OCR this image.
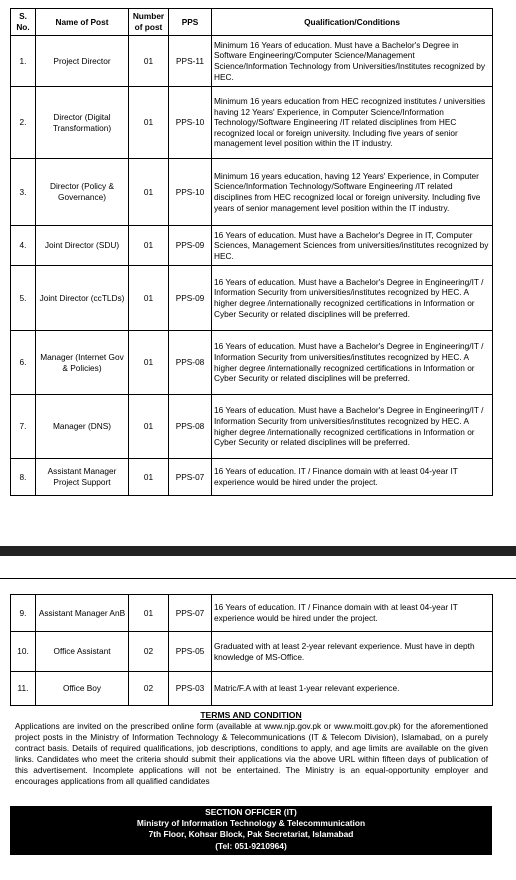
S. No.	Name of Post	Number of post	PPS	Qualification/Conditions
1.	Project Director	01	PPS-11	Minimum 16 Years of education. Must have a Bachelor's Degree in Software Engineering/Computer Science/Management Science/Information Technology from Universities/Institutes recognized by HEC.
2.	Director (Digital Transformation)	01	PPS-10	Minimum 16 years education from HEC recognized institutes / universities having 12 Years' Experience, in Computer Science/Information Technology/Software Engineering /IT related disciplines from HEC recognized local or foreign university. Including five years of senior management level position within the IT industry.
3.	Director (Policy & Governance)	01	PPS-10	Minimum 16 years education, having 12 Years' Experience, in Computer Science/Information Technology/Software Engineering /IT related disciplines from HEC recognized local or foreign university. Including five years of senior management level position within the IT industry.
4.	Joint Director (SDU)	01	PPS-09	16 Years of education. Must have a Bachelor's Degree in IT, Computer Sciences, Management Sciences from universities/institutes recognized by HEC.
5.	Joint Director (ccTLDs)	01	PPS-09	16 Years of education. Must have a Bachelor's Degree in Engineering/IT / Information Security from universities/institutes recognized by HEC. A higher degree /internationally recognized certifications in Information or Cyber Security or related disciplines will be preferred.
6.	Manager (Internet Gov & Policies)	01	PPS-08	16 Years of education. Must have a Bachelor's Degree in Engineering/IT / Information Security from universities/institutes recognized by HEC. A higher degree /internationally recognized certifications in Information or Cyber Security or related disciplines will be preferred.
7.	Manager (DNS)	01	PPS-08	16 Years of education. Must have a Bachelor's Degree in Engineering/IT / Information Security from universities/institutes recognized by HEC. A higher degree /internationally recognized certifications in Information or Cyber Security or related disciplines will be preferred.
8.	Assistant Manager Project Support	01	PPS-07	16 Years of education. IT / Finance domain with at least 04-year IT experience would be hired under the project.
9.	Assistant Manager AnB	01	PPS-07	16 Years of education. IT / Finance domain with at least 04-year IT experience would be hired under the project.
10.	Office Assistant	02	PPS-05	Graduated with at least 2-year relevant experience. Must have in depth knowledge of MS-Office.
11.	Office Boy	02	PPS-03	Matric/F.A with at least 1-year relevant experience.
TERMS AND CONDITION

Applications are invited on the prescribed online form (available at www.njp.gov.pk or www.moitt.gov.pk) for the aforementioned project posts in the Ministry of Information Technology & Telecommunications (IT & Telecom Division), Islamabad, on a purely contract basis. Details of required qualifications, job descriptions, conditions to apply, and age limits are available on the given links. Candidates who meet the criteria should submit their applications via the above URL within fifteen days of publication of this advertisement. Incomplete applications will not be entertained. The Ministry is an equal-opportunity employer and encourages applications from all qualified candidates

SECTION OFFICER (IT)
Ministry of Information Technology & Telecommunication
7th Floor, Kohsar Block, Pak Secretariat, Islamabad
(Tel: 051-9210964)
